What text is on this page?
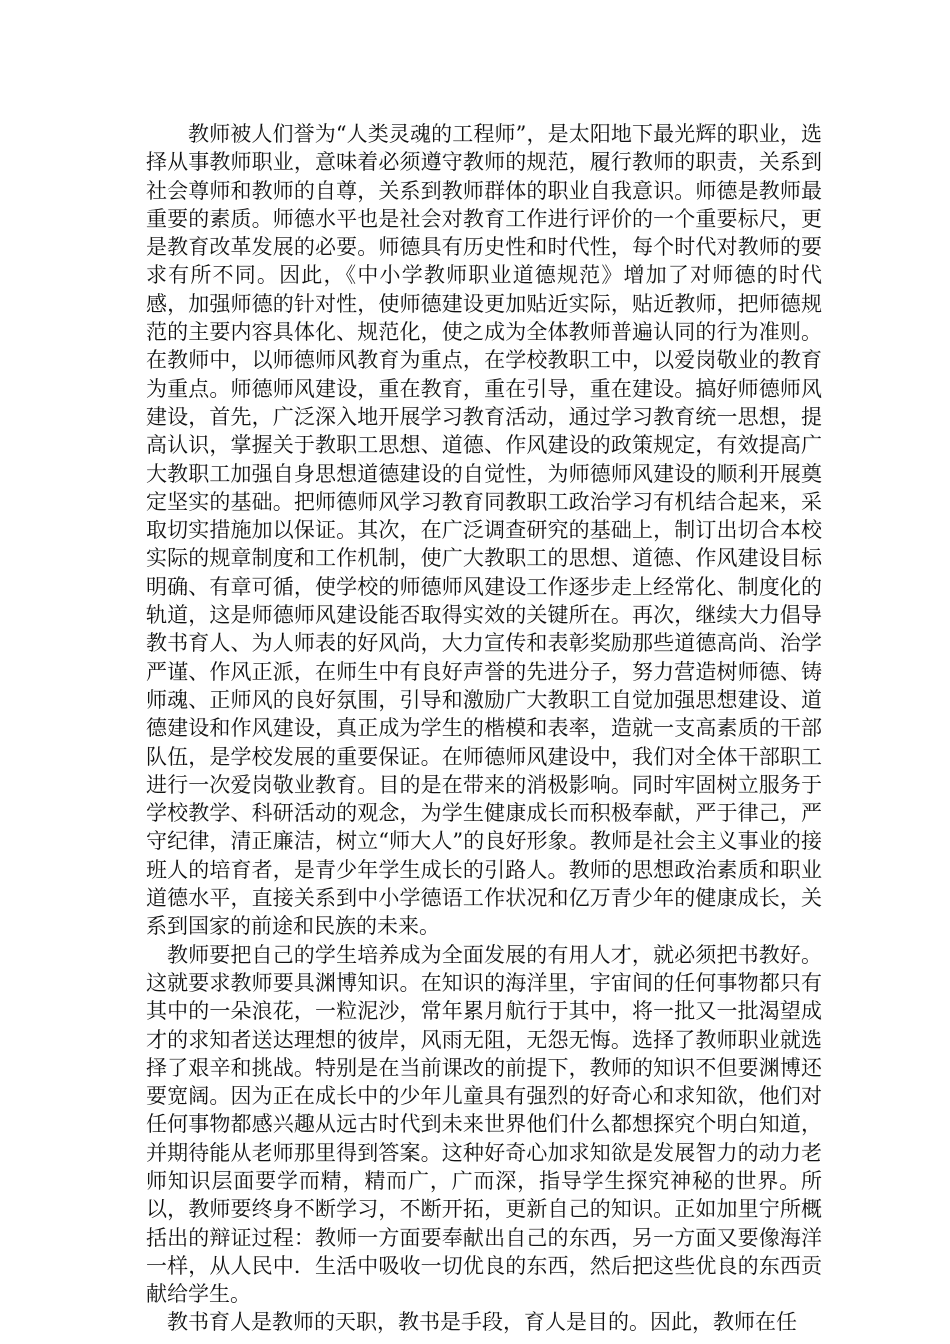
教师被人们誉为“人类灵魂的工程师”，是太阳地下最光辉的职业，选择从事教师职业，意味着必须遵守教师的规范，履行教师的职责，关系到社会尊师和教师的自尊，关系到教师群体的职业自我意识。师德是教师最重要的素质。师德水平也是社会对教育工作进行评价的一个重要标尺，更是教育改革发展的必要。师德具有历史性和时代性，每个时代对教师的要求有所不同。因此，《中小学教师职业道德规范》增加了对师德的时代感，加强师德的针对性，使师德建设更加贴近实际，贴近教师，把师德规范的主要内容具体化、规范化，使之成为全体教师普遍认同的行为准则。在教师中，以师德师风教育为重点，在学校教职工中，以爱岗敬业的教育为重点。师德师风建设，重在教育，重在引导，重在建设。搞好师德师风建设，首先，广泛深入地开展学习教育活动，通过学习教育统一思想，提高认识，掌握关于教职工思想、道德、作风建设的政策规定，有效提高广大教职工加强自身思想道德建设的自觉性，为师德师风建设的顺利开展奠定坚实的基础。把师德师风学习教育同教职工政治学习有机结合起来，采取切实措施加以保证。其次，在广泛调查研究的基础上，制订出切合本校实际的规章制度和工作机制，使广大教职工的思想、道德、作风建设目标明确、有章可循，使学校的师德师风建设工作逐步走上经常化、制度化的轨道，这是师德师风建设能否取得实效的关键所在。再次，继续大力倡导教书育人、为人师表的好风尚，大力宣传和表彰奖励那些道德高尚、治学严谨、作风正派，在师生中有良好声誉的先进分子，努力营造树师德、铸师魂、正师风的良好氛围，引导和激励广大教职工自觉加强思想建设、道德建设和作风建设，真正成为学生的楷模和表率，造就一支高素质的干部队伍，是学校发展的重要保证。在师德师风建设中，我们对全体干部职工进行一次爱岗敬业教育。目的是在带来的消极影响。同时牢固树立服务于学校教学、科研活动的观念，为学生健康成长而积极奉献，严于律己，严守纪律，清正廉洁，树立“师大人”的良好形象。教师是社会主义事业的接班人的培育者，是青少年学生成长的引路人。教师的思想政治素质和职业道德水平，直接关系到中小学德语工作状况和亿万青少年的健康成长，关系到国家的前途和民族的未来。

教师要把自己的学生培养成为全面发展的有用人才，就必须把书教好。这就要求教师要具渊博知识。在知识的海洋里，宇宙间的任何事物都只有其中的一朵浪花，一粒泥沙，常年累月航行于其中，将一批又一批渴望成才的求知者送达理想的彼岸，风雨无阻，无怨无悔。选择了教师职业就选择了艰辛和挑战。特别是在当前课改的前提下，教师的知识不但要渊博还要宽阔。因为正在成长中的少年儿童具有强烈的好奇心和求知欲，他们对任何事物都感兴趣从远古时代到未来世界他们什么都想探究个明白知道，并期待能从老师那里得到答案。这种好奇心加求知欲是发展智力的动力老师知识层面要学而精，精而广，广而深，指导学生探究神秘的世界。所以，教师要终身不断学习，不断开拓，更新自己的知识。正如加里宁所概括出的辩证过程：教师一方面要奉献出自己的东西，另一方面又要像海洋一样，从人民中．生活中吸收一切优良的东西，然后把这些优良的东西贡献给学生。

教书育人是教师的天职，教书是手段，育人是目的。因此，教师在任
